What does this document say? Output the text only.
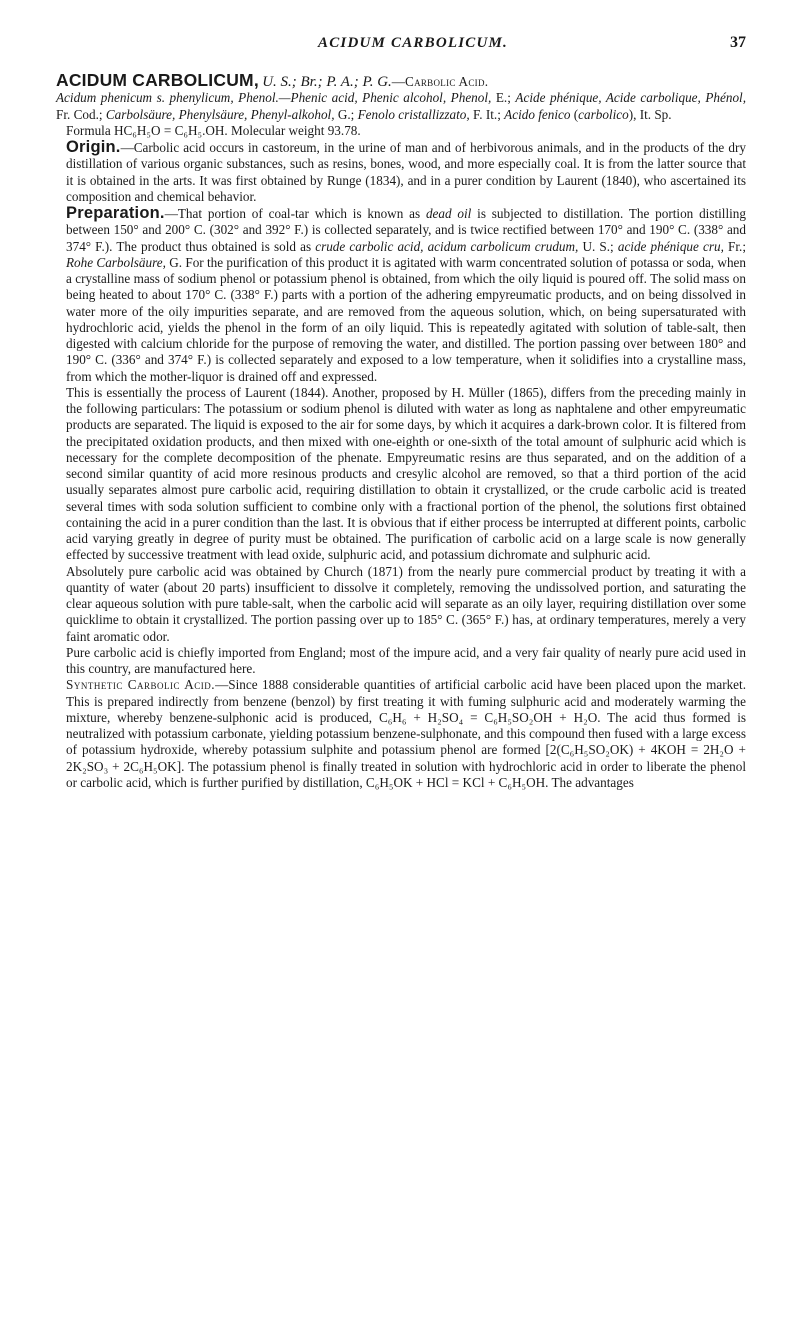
ACIDUM CARBOLICUM.	37

ACIDUM CARBOLICUM, U. S.; Br.; P. A.; P. G.—Carbolic Acid.

Acidum phenicum s. phenylicum, Phenol.—Phenic acid, Phenic alcohol, Phenol, E.; Acide phénique, Acide carbolique, Phénol, Fr. Cod.; Carbolsäure, Phenylsäure, Phenyl-alkohol, G.; Fenolo cristallizzato, F. It.; Acido fenico (carbolico), It. Sp.

Formula HC₆H₅O = C₆H₅.OH. Molecular weight 93.78.

Origin.—Carbolic acid occurs in castoreum, in the urine of man and of herbivorous animals, and in the products of the dry distillation of various organic substances, such as resins, bones, wood, and more especially coal. It is from the latter source that it is obtained in the arts. It was first obtained by Runge (1834), and in a purer condition by Laurent (1840), who ascertained its composition and chemical behavior.

Preparation.—That portion of coal-tar which is known as dead oil is subjected to distillation. The portion distilling between 150° and 200° C. (302° and 392° F.) is collected separately, and is twice rectified between 170° and 190° C. (338° and 374° F.). The product thus obtained is sold as crude carbolic acid, acidum carbolicum crudum, U. S.; acide phénique cru, Fr.; Rohe Carbolsäure, G. For the purification of this product it is agitated with warm concentrated solution of potassa or soda, when a crystalline mass of sodium phenol or potassium phenol is obtained, from which the oily liquid is poured off. The solid mass on being heated to about 170° C. (338° F.) parts with a portion of the adhering empyreumatic products, and on being dissolved in water more of the oily impurities separate, and are removed from the aqueous solution, which, on being supersaturated with hydrochloric acid, yields the phenol in the form of an oily liquid. This is repeatedly agitated with solution of table-salt, then digested with calcium chloride for the purpose of removing the water, and distilled. The portion passing over between 180° and 190° C. (336° and 374° F.) is collected separately and exposed to a low temperature, when it solidifies into a crystalline mass, from which the mother-liquor is drained off and expressed.

This is essentially the process of Laurent (1844). Another, proposed by H. Müller (1865), differs from the preceding mainly in the following particulars: The potassium or sodium phenol is diluted with water as long as naphtalene and other empyreumatic products are separated. The liquid is exposed to the air for some days, by which it acquires a dark-brown color. It is filtered from the precipitated oxidation products, and then mixed with one-eighth or one-sixth of the total amount of sulphuric acid which is necessary for the complete decomposition of the phenate. Empyreumatic resins are thus separated, and on the addition of a second similar quantity of acid more resinous products and cresylic alcohol are removed, so that a third portion of the acid usually separates almost pure carbolic acid, requiring distillation to obtain it crystallized, or the crude carbolic acid is treated several times with soda solution sufficient to combine only with a fractional portion of the phenol, the solutions first obtained containing the acid in a purer condition than the last. It is obvious that if either process be interrupted at different points, carbolic acid varying greatly in degree of purity must be obtained. The purification of carbolic acid on a large scale is now generally effected by successive treatment with lead oxide, sulphuric acid, and potassium dichromate and sulphuric acid.

Absolutely pure carbolic acid was obtained by Church (1871) from the nearly pure commercial product by treating it with a quantity of water (about 20 parts) insufficient to dissolve it completely, removing the undissolved portion, and saturating the clear aqueous solution with pure table-salt, when the carbolic acid will separate as an oily layer, requiring distillation over some quicklime to obtain it crystallized. The portion passing over up to 185° C. (365° F.) has, at ordinary temperatures, merely a very faint aromatic odor.

Pure carbolic acid is chiefly imported from England; most of the impure acid, and a very fair quality of nearly pure acid used in this country, are manufactured here.

Synthetic Carbolic Acid.—Since 1888 considerable quantities of artificial carbolic acid have been placed upon the market. This is prepared indirectly from benzene (benzol) by first treating it with fuming sulphuric acid and moderately warming the mixture, whereby benzene-sulphonic acid is produced, C₆H₆ + H₂SO₄ = C₆H₅SO₂OH + H₂O. The acid thus formed is neutralized with potassium carbonate, yielding potassium benzene-sulphonate, and this compound then fused with a large excess of potassium hydroxide, whereby potassium sulphite and potassium phenol are formed [2(C₆H₅SO₂OK) + 4KOH = 2H₂O + 2K₂SO₃ + 2C₆H₅OK]. The potassium phenol is finally treated in solution with hydrochloric acid in order to liberate the phenol or carbolic acid, which is further purified by distillation, C₆H₅OK + HCl = KCl + C₆H₅OH. The advantages
